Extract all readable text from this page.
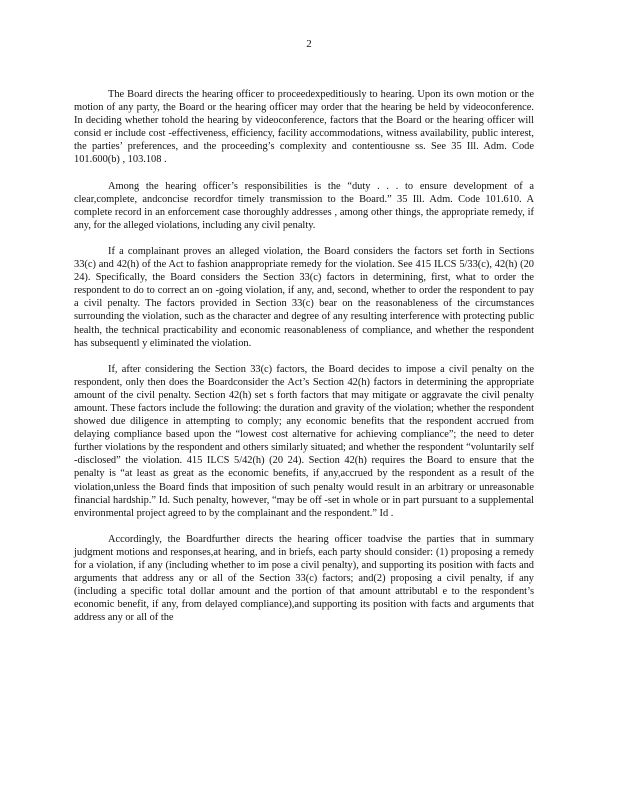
2

The Board directs the hearing officer to proceedexpeditiously to hearing. Upon its own motion or the motion of any party, the Board or the hearing officer may order that the hearing be held by videoconference. In deciding whether tohold the hearing by videoconference, factors that the Board or the hearing officer will consid er include cost -effectiveness, efficiency, facility accommodations, witness availability, public interest, the parties’ preferences, and the proceeding’s complexity and contentiousne ss. See 35 Ill. Adm. Code 101.600(b) , 103.108 .

Among the hearing officer’s responsibilities is the “duty . . . to ensure development of a clear,complete, andconcise recordfor timely transmission to the Board.” 35 Ill. Adm. Code 101.610. A complete record in an enforcement case thoroughly addresses , among other things, the appropriate remedy, if any, for the alleged violations, including any civil penalty.

If a complainant proves an alleged violation, the Board considers the factors set forth in Sections 33(c) and 42(h) of the Act to fashion anappropriate remedy for the violation. See 415 ILCS 5/33(c), 42(h) (20 24). Specifically, the Board considers the Section 33(c) factors in determining, first, what to order the respondent to do to correct an on -going violation, if any, and, second, whether to order the respondent to pay a civil penalty. The factors provided in Section 33(c) bear on the reasonableness of the circumstances surrounding the violation, such as the character and degree of any resulting interference with protecting public health, the technical practicability and economic reasonableness of compliance, and whether the respondent has subsequentl y eliminated the violation.

If, after considering the Section 33(c) factors, the Board decides to impose a civil penalty on the respondent, only then does the Boardconsider the Act’s Section 42(h) factors in determining the appropriate amount of the civil penalty. Section 42(h) set s forth factors that may mitigate or aggravate the civil penalty amount. These factors include the following: the duration and gravity of the violation; whether the respondent showed due diligence in attempting to comply; any economic benefits that the respondent accrued from delaying compliance based upon the “lowest cost alternative for achieving compliance”; the need to deter further violations by the respondent and others similarly situated; and whether the respondent “voluntarily self -disclosed” the violation. 415 ILCS 5/42(h) (20 24). Section 42(h) requires the Board to ensure that the penalty is “at least as great as the economic benefits, if any,accrued by the respondent as a result of the violation,unless the Board finds that imposition of such penalty would result in an arbitrary or unreasonable financial hardship.” Id. Such penalty, however, “may be off -set in whole or in part pursuant to a supplemental environmental project agreed to by the complainant and the respondent.” Id .

Accordingly, the Boardfurther directs the hearing officer toadvise the parties that in summary judgment motions and responses,at hearing, and in briefs, each party should consider: (1) proposing a remedy for a violation, if any (including whether to im pose a civil penalty), and supporting its position with facts and arguments that address any or all of the Section 33(c) factors; and(2) proposing a civil penalty, if any (including a specific total dollar amount and the portion of that amount attributabl e to the respondent’s economic benefit, if any, from delayed compliance),and supporting its position with facts and arguments that address any or all of the
